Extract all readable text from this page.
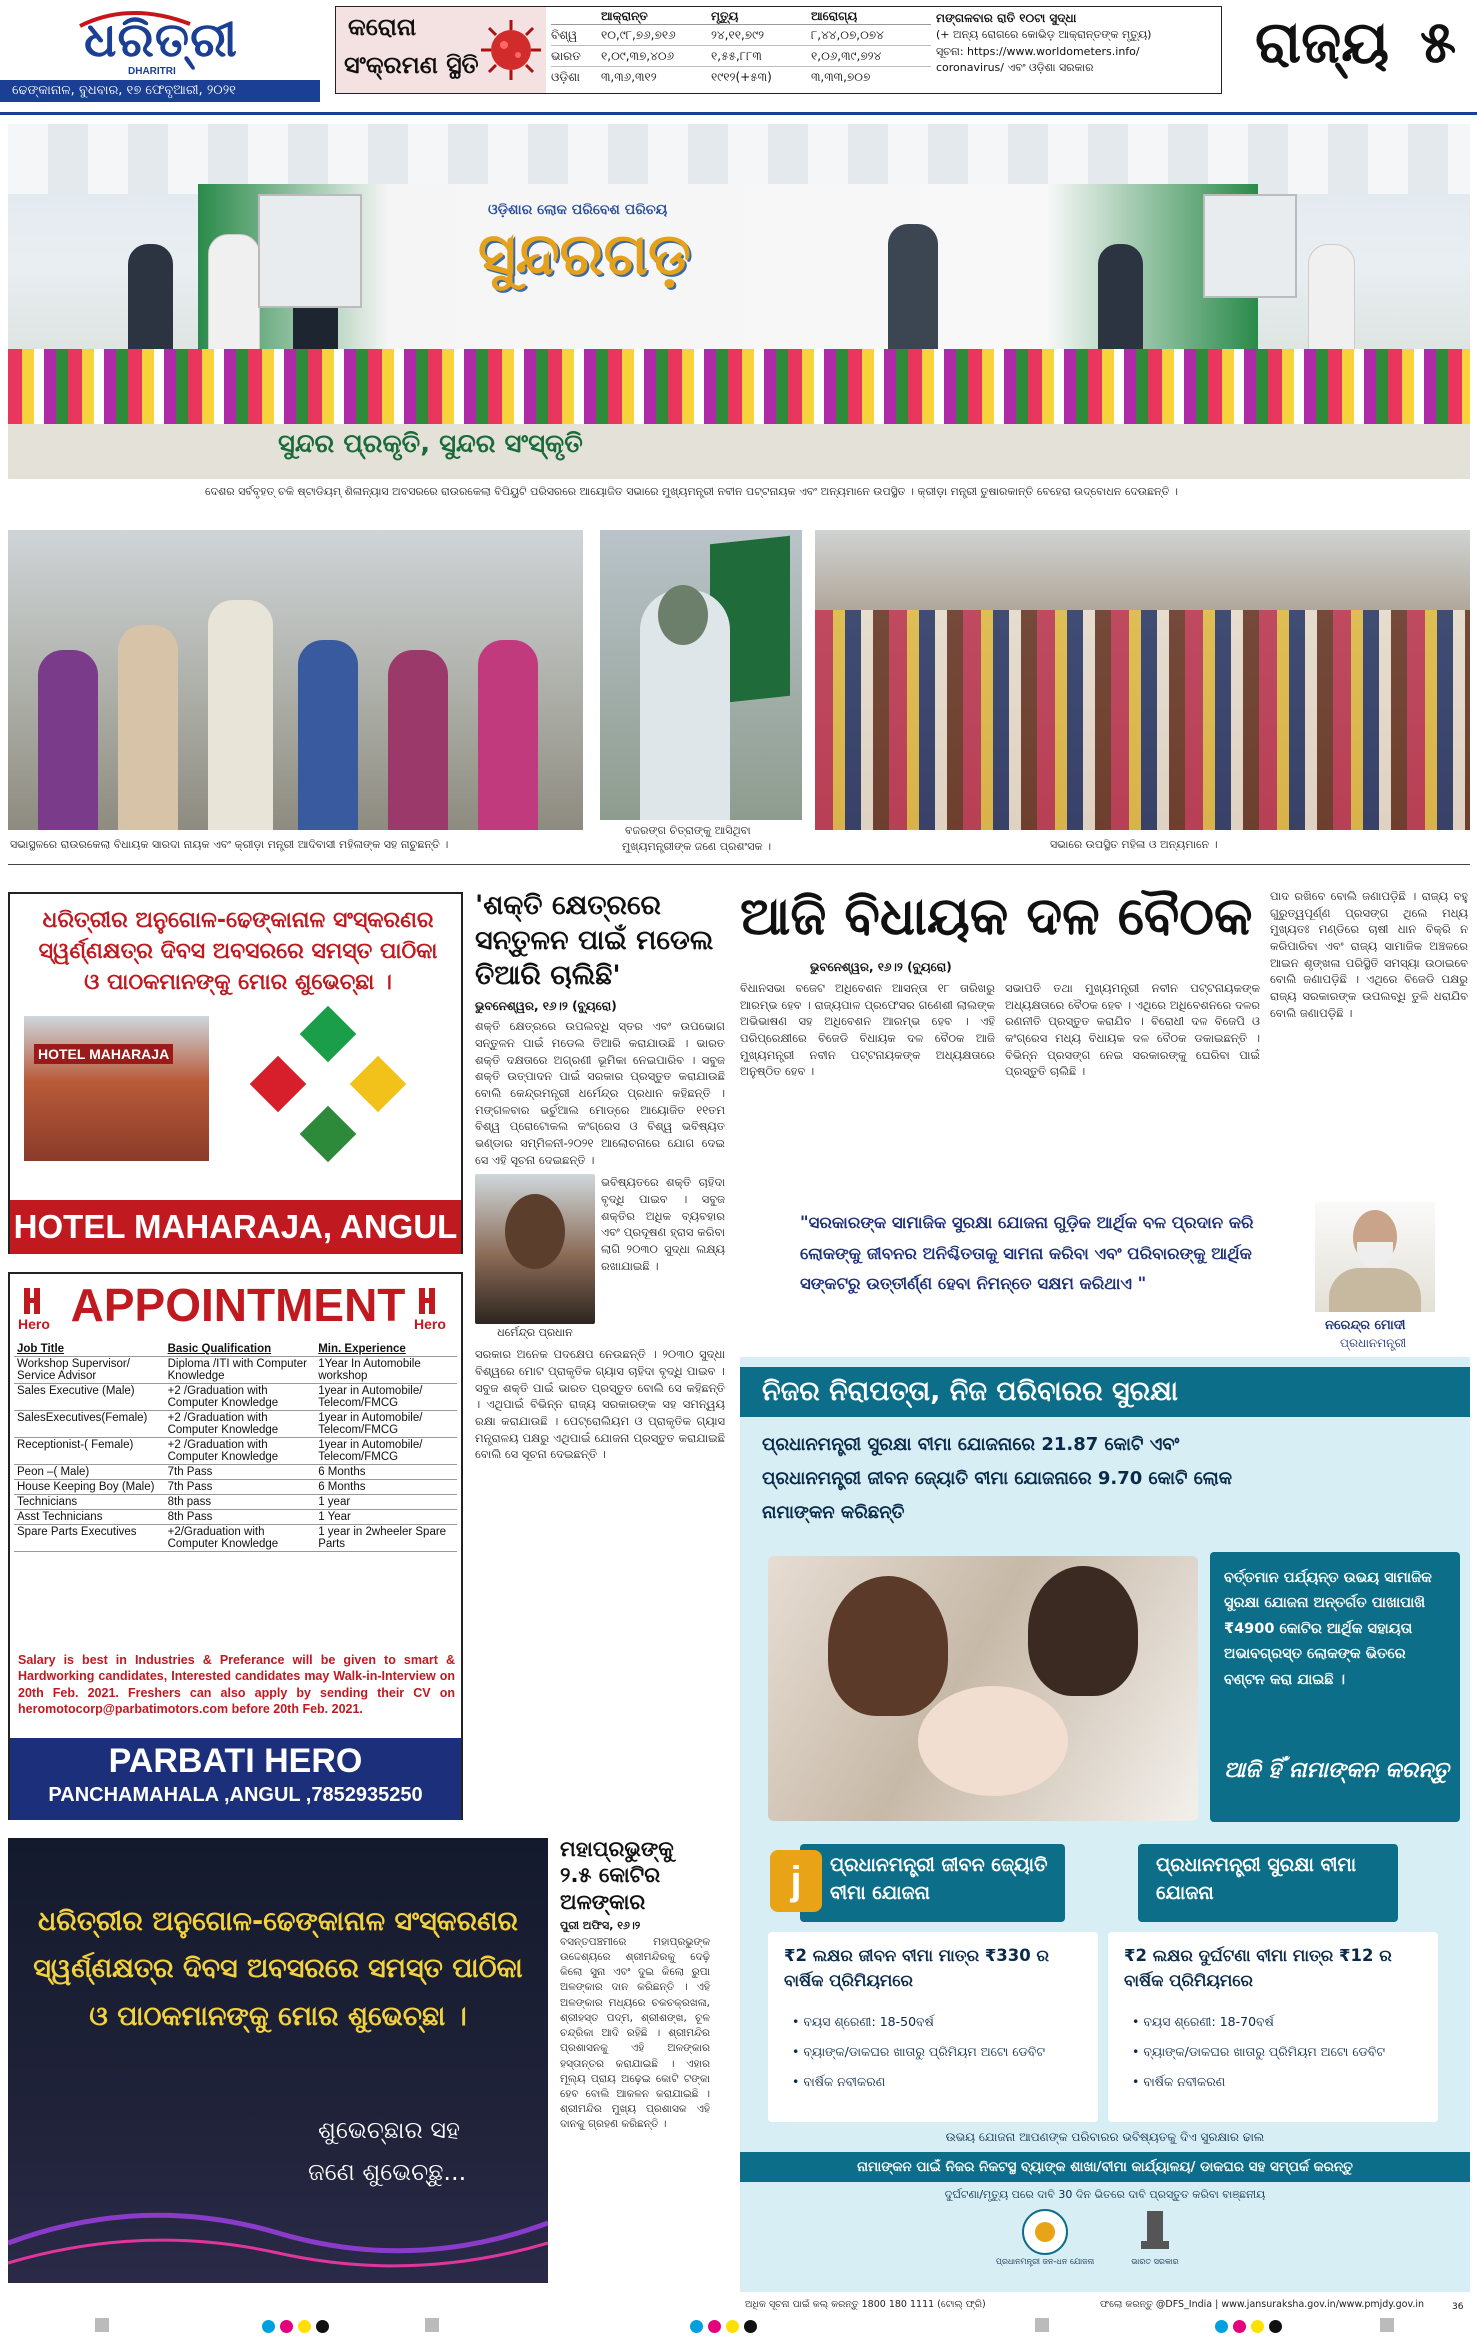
ଧରିତ୍ରୀ
DHARITRI
ଢେଙ୍କାନାଳ, ବୁଧବାର, ୧୭ ଫେବୃଆରୀ, ୨୦୨୧
କରୋନା
ସଂକ୍ରମଣ ସ୍ଥିତି
ଆକ୍ରାନ୍ତ	ମୃତ୍ୟୁ	ଆରୋଗ୍ୟ
ବିଶ୍ୱ	୧୦,୯୮,୭୬,୭୧୬	୨୪,୧୧,୭୯୨	୮,୪୪,୦୭,୦୭୪
ଭାରତ	୧,୦୯,୩୭,୪୦୬	୧,୫୫,୮୮୩	୧,୦୬,୩୯,୭୨୪
ଓଡ଼ିଶା	୩,୩୬,୩୧୨	୧୯୧୨(+୫୩)	୩,୩୩,୭୦୭
ମଙ୍ଗଳବାର ରାତି ୧୦ଟା ସୁଦ୍ଧା
(+ ଅନ୍ୟ ରୋଗରେ କୋଭିଡ଼ ଆକ୍ରାନ୍ତଙ୍କ ମୃତ୍ୟୁ)
ସୂଚନା: https://www.worldometers.info/
coronavirus/ ଏବଂ ଓଡ଼ିଶା ସରକାର	ରାଜ୍ୟ ୫
ଓଡ଼ିଶାର ଲୋକ ପରିବେଶ ପରିଚୟ
ସୁନ୍ଦରଗଡ଼
ସୁନ୍ଦର ପ୍ରକୃତି, ସୁନ୍ଦର ସଂସ୍କୃତି
ଦେଶର ସର୍ବବୃହତ୍ ଚକି ଷ୍ଟାଡିୟମ୍ ଶିଳାନ୍ୟାସ ଅବସରରେ ରାଉରକେଲା ବିପିୟୁଟି ପରିସରରେ ଆୟୋଜିତ ସଭାରେ ମୁଖ୍ୟମନ୍ତ୍ରୀ ନବୀନ ପଟ୍ଟନାୟକ ଏବଂ ଅନ୍ୟମାନେ ଉପସ୍ଥିତ । କ୍ରୀଡ଼ା ମନ୍ତ୍ରୀ ତୁଷାରକାନ୍ତି ବେହେରା ଉଦ୍‌ବୋଧନ ଦେଉଛନ୍ତି ।
ସଭାସ୍ଥଳରେ ରାଉରକେଲା ବିଧାୟକ ସାରଦା ନାୟକ ଏବଂ କ୍ରୀଡ଼ା ମନ୍ତ୍ରୀ ଆଦିବାସୀ ମହିଳାଙ୍କ ସହ ନାଚୁଛନ୍ତି ।
ବଜରଙ୍ଗ ଚିତ୍ରାଙ୍କୁ ଆସିଥିବା
ମୁଖ୍ୟମନ୍ତ୍ରୀଙ୍କ ଜଣେ ପ୍ରଶଂସକ ।	ସଭାରେ ଉପସ୍ଥିତ ମହିଳା ଓ ଅନ୍ୟମାନେ ।
ଧରିତ୍ରୀର ଅନୁଗୋଳ-ଢେଙ୍କାନାଳ ସଂସ୍କରଣର ସ୍ୱର୍ଣ୍ଣକ୍ଷତ୍ର ଦିବସ ଅବସରରେ ସମସ୍ତ ପାଠିକା ଓ ପାଠକମାନଙ୍କୁ ମୋର ଶୁଭେଚ୍ଛା ।
HOTEL MAHARAJA
HOTEL MAHARAJA, ANGUL
Hero APPOINTMENT Hero
Job Title	Basic Qualification	Min. Experience
Workshop Supervisor/ Service Advisor	Diploma /ITI with Computer Knowledge	1Year In Automobile workshop
Sales Executive (Male)	+2 /Graduation with Computer Knowledge	1year in Automobile/ Telecom/FMCG
SalesExecutives(Female)	+2 /Graduation with Computer Knowledge	1year in Automobile/ Telecom/FMCG
Receptionist-( Female)	+2 /Graduation with Computer Knowledge	1year in Automobile/ Telecom/FMCG
Peon –( Male)	7th Pass	6 Months
House Keeping Boy (Male)	7th Pass	6 Months
Technicians	8th pass	1 year
Asst Technicians	8th Pass	1 Year
Spare Parts Executives	+2/Graduation with Computer Knowledge	1 year in 2wheeler Spare Parts
Salary is best in Industries & Preferance will be given to smart & Hardworking candidates, Interested candidates may Walk-in-Interview on 20th Feb. 2021. Freshers can also apply by sending their CV on heromotocorp@parbatimotors.com before 20th Feb. 2021.
PARBATI HERO
PANCHAMAHALA ,ANGUL ,7852935250
ଧରିତ୍ରୀର ଅନୁଗୋଳ-ଢେଙ୍କାନାଳ ସଂସ୍କରଣର ସ୍ୱର୍ଣ୍ଣକ୍ଷତ୍ର ଦିବସ ଅବସରରେ ସମସ୍ତ ପାଠିକା ଓ ପାଠକମାନଙ୍କୁ ମୋର ଶୁଭେଚ୍ଛା ।
ଶୁଭେଚ୍ଛାର ସହ
ଜଣେ ଶୁଭେଚ୍ଛୁ...
'ଶକ୍ତି କ୍ଷେତ୍ରରେ ସନ୍ତୁଳନ ପାଇଁ ମଡେଲ ତିଆରି ଚାଲିଛି'
ଭୁବନେଶ୍ୱର, ୧୬।୨ (ବ୍ୟୁରୋ)
ଶକ୍ତି କ୍ଷେତ୍ରରେ ଉପଲବ୍ଧି ସ୍ତର ଏବଂ ଉପଭୋଗ ସନ୍ତୁଳନ ପାଇଁ ମଡେଲ ତିଆରି କରାଯାଉଛି । ଭାରତ ଶକ୍ତି ଦକ୍ଷତାରେ ଅଗ୍ରଣୀ ଭୂମିକା ନେଇପାରିବ । ସବୁଜ ଶକ୍ତି ଉତ୍ପାଦନ ପାଇଁ ସରକାର ପ୍ରସ୍ତୁତ କରାଯାଉଛି ବୋଲି କେନ୍ଦ୍ରମନ୍ତ୍ରୀ ଧର୍ମେନ୍ଦ୍ର ପ୍ରଧାନ କହିଛନ୍ତି । ମଙ୍ଗଳବାର ଭର୍ଚୁଆଲ ମୋଡ୍‌ରେ ଆୟୋଜିତ ୧୧ତମ ବିଶ୍ୱ ପ୍ରୋଟୋକଲ କଂଗ୍ରେସ ଓ ବିଶ୍ୱ ଭବିଷ୍ୟତ ଭଣ୍ଡାର ସମ୍ମିଳନୀ-୨୦୨୧ ଆଲୋଚନାରେ ଯୋଗ ଦେଇ ସେ ଏହି ସୂଚନା ଦେଇଛନ୍ତି ।
ଧର୍ମେନ୍ଦ୍ର ପ୍ରଧାନ
ଭବିଷ୍ୟତରେ ଶକ୍ତି ଚାହିଦା ବୃଦ୍ଧି ପାଇବ । ସବୁଜ ଶକ୍ତିର ଅଧିକ ବ୍ୟବହାର ଏବଂ ପ୍ରଦୂଷଣ ହ୍ରାସ କରିବା ଲାଗି ୨୦୩୦ ସୁଦ୍ଧା ଲକ୍ଷ୍ୟ ରଖାଯାଇଛି ।
ସରକାର ଅନେକ ପଦକ୍ଷେପ ନେଉଛନ୍ତି । ୨୦୩୦ ସୁଦ୍ଧା ବିଶ୍ୱରେ ମୋଟ ପ୍ରାକୃତିକ ଗ୍ୟାସ ଚାହିଦା ବୃଦ୍ଧି ପାଇବ । ସବୁଜ ଶକ୍ତି ପାଇଁ ଭାରତ ପ୍ରସ୍ତୁତ ବୋଲି ସେ କହିଛନ୍ତି । ଏଥିପାଇଁ ବିଭିନ୍ନ ରାଜ୍ୟ ସରକାରଙ୍କ ସହ ସମନ୍ୱୟ ରକ୍ଷା କରାଯାଉଛି । ପେଟ୍ରୋଲିୟମ ଓ ପ୍ରାକୃତିକ ଗ୍ୟାସ ମନ୍ତ୍ରାଳୟ ପକ୍ଷରୁ ଏଥିପାଇଁ ଯୋଜନା ପ୍ରସ୍ତୁତ କରାଯାଇଛି ବୋଲି ସେ ସୂଚନା ଦେଇଛନ୍ତି ।
ଆଜି ବିଧାୟକ ଦଳ ବୈଠକ
ଭୁବନେଶ୍ୱର, ୧୬।୨ (ବ୍ୟୁରୋ)
ବିଧାନସଭା ବଜେଟ ଅଧିବେଶନ ଆସନ୍ତା ୧୮ ତାରିଖରୁ ଆରମ୍ଭ ହେବ । ରାଜ୍ୟପାଳ ପ୍ରଫେସର ଗଣେଶୀ ଲାଲଙ୍କ ଅଭିଭାଷଣ ସହ ଅଧିବେଶନ ଆରମ୍ଭ ହେବ । ଏହି ପରିପ୍ରେକ୍ଷୀରେ ବିଜେଡି ବିଧାୟକ ଦଳ ବୈଠକ ଆଜି ମୁଖ୍ୟମନ୍ତ୍ରୀ ନବୀନ ପଟ୍ଟନାୟକଙ୍କ ଅଧ୍ୟକ୍ଷତାରେ ଅନୁଷ୍ଠିତ ହେବ ।
ସଭାପତି ତଥା ମୁଖ୍ୟମନ୍ତ୍ରୀ ନବୀନ ପଟ୍ଟନାୟକଙ୍କ ଅଧ୍ୟକ୍ଷତାରେ ବୈଠକ ହେବ । ଏଥିରେ ଅଧିବେଶନରେ ଦଳର ରଣନୀତି ପ୍ରସ୍ତୁତ କରାଯିବ । ବିରୋଧୀ ଦଳ ବିଜେପି ଓ କଂଗ୍ରେସ ମଧ୍ୟ ବିଧାୟକ ଦଳ ବୈଠକ ଡକାଇଛନ୍ତି । ବିଭିନ୍ନ ପ୍ରସଙ୍ଗ ନେଇ ସରକାରଙ୍କୁ ଘେରିବା ପାଇଁ ପ୍ରସ୍ତୁତି ଚାଲିଛି ।
ପାଦ ରଖିବେ ବୋଲି ଜଣାପଡ଼ିଛି । ରାଜ୍ୟ ବହୁ ଗୁରୁତ୍ୱପୂର୍ଣ୍ଣ ପ୍ରସଙ୍ଗ ଥିଲେ ମଧ୍ୟ ମୁଖ୍ୟତଃ ମଣ୍ଡିରେ ଚାଷୀ ଧାନ ବିକ୍ରି ନ କରିପାରିବା ଏବଂ ରାଜ୍ୟ ସାମାଜିକ ଅଞ୍ଚଳରେ ଆଇନ ଶୃଙ୍ଖଳା ପରିସ୍ଥିତି ସମସ୍ୟା ଉଠାଇବେ ବୋଲି ଜଣାପଡ଼ିଛି । ଏଥିରେ ବିଜେଡି ପକ୍ଷରୁ ରାଜ୍ୟ ସରକାରଙ୍କ ଉପଲବ୍ଧି ତୁଳି ଧରାଯିବ ବୋଲି ଜଣାପଡ଼ିଛି ।
ମହାପ୍ରଭୁଙ୍କୁ ୨.୫ କୋଟିର ଅଳଙ୍କାର
ପୁରୀ ଅଫିସ, ୧୬।୨
ବସନ୍ତପଞ୍ଚମୀରେ ମହାପ୍ରଭୁଙ୍କ ଉଦ୍ଦେଶ୍ୟରେ ଶ୍ରୀମନ୍ଦିରକୁ ଦେଢ଼ି କିଲୋ ସୁନା ଏବଂ ଦୁଇ କିଲୋ ରୁପା ଅଳଙ୍କାର ଦାନ କରିଛନ୍ତି । ଏହି ଅଳଙ୍କାର ମଧ୍ୟରେ ଚକଚକ୍ରଖଳା, ଶ୍ରୀହସ୍ତ ପଦ୍ମ, ଶ୍ରୀଶଙ୍ଖ, ଚୂଳ ଚନ୍ଦ୍ରିକା ଆଦି ରହିଛି । ଶ୍ରୀମନ୍ଦିର ପ୍ରଶାସନକୁ ଏହି ଅଳଙ୍କାର ହସ୍ତାନ୍ତର କରାଯାଇଛି । ଏହାର ମୂଲ୍ୟ ପ୍ରାୟ ଅଢ଼େଇ କୋଟି ଟଙ୍କା ହେବ ବୋଲି ଆକଳନ କରାଯାଇଛି । ଶ୍ରୀମନ୍ଦିର ମୁଖ୍ୟ ପ୍ରଶାସକ ଏହି ଦାନକୁ ଗ୍ରହଣ କରିଛନ୍ତି ।
"ସରକାରଙ୍କ ସାମାଜିକ ସୁରକ୍ଷା ଯୋଜନା ଗୁଡ଼ିକ ଆର୍ଥିକ ବଳ ପ୍ରଦାନ କରି ଲୋକଙ୍କୁ ଜୀବନର ଅନିଶ୍ଚିତତାକୁ ସାମନା କରିବା ଏବଂ ପରିବାରଙ୍କୁ ଆର୍ଥିକ ସଙ୍କଟରୁ ଉତ୍ତୀର୍ଣ୍ଣ ହେବା ନିମନ୍ତେ ସକ୍ଷମ କରିଥାଏ "
ନରେନ୍ଦ୍ର ମୋଦୀ
ପ୍ରଧାନମନ୍ତ୍ରୀ
ନିଜର ନିରାପତ୍ତା, ନିଜ ପରିବାରର ସୁରକ୍ଷା
ପ୍ରଧାନମନ୍ତ୍ରୀ ସୁରକ୍ଷା ବୀମା ଯୋଜନାରେ 21.87 କୋଟି ଏବଂ ପ୍ରଧାନମନ୍ତ୍ରୀ ଜୀବନ ଜ୍ୟୋତି ବୀମା ଯୋଜନାରେ 9.70 କୋଟି ଲୋକ ନାମାଙ୍କନ କରିଛନ୍ତି
ବର୍ତ୍ତମାନ ପର୍ଯ୍ୟନ୍ତ ଉଭୟ ସାମାଜିକ ସୁରକ୍ଷା ଯୋଜନା ଅନ୍ତର୍ଗତ ପାଖାପାଖି ₹4900 କୋଟିର ଆର୍ଥିକ ସହାୟତା ଅଭାବଗ୍ରସ୍ତ ଲୋକଙ୍କ ଭିତରେ ବଣ୍ଟନ କରା ଯାଇଛି ।
ଆଜି ହିଁ ନାମାଙ୍କନ କରନ୍ତୁ
j	ପ୍ରଧାନମନ୍ତ୍ରୀ ଜୀବନ ଜ୍ୟୋତି ବୀମା ଯୋଜନା
ପ୍ରଧାନମନ୍ତ୍ରୀ ସୁରକ୍ଷା ବୀମା ଯୋଜନା
₹2 ଲକ୍ଷର ଜୀବନ ବୀମା ମାତ୍ର ₹330 ର ବାର୍ଷିକ ପ୍ରିମିୟମରେ
• ବୟସ ଶ୍ରେଣୀ: 18-50ବର୍ଷ
• ବ୍ୟାଙ୍କ/ଡାକଘର ଖାତାରୁ ପ୍ରିମିୟମ ଅଟୋ ଡେବିଟ
• ବାର୍ଷିକ ନବୀକରଣ
₹2 ଲକ୍ଷର ଦୁର୍ଘଟଣା ବୀମା ମାତ୍ର ₹12 ର ବାର୍ଷିକ ପ୍ରିମିୟମରେ
• ବୟସ ଶ୍ରେଣୀ: 18-70ବର୍ଷ
• ବ୍ୟାଙ୍କ/ଡାକଘର ଖାତାରୁ ପ୍ରିମିୟମ ଅଟୋ ଡେବିଟ
• ବାର୍ଷିକ ନବୀକରଣ
ଉଭୟ ଯୋଜନା ଆପଣଙ୍କ ପରିବାରର ଭବିଷ୍ୟତକୁ ଦିଏ ସୁରକ୍ଷାର ଢାଲ
ନାମାଙ୍କନ ପାଇଁ ନିଜର ନିକଟସ୍ଥ ବ୍ୟାଙ୍କ ଶାଖା/ବୀମା କାର୍ଯ୍ୟାଳୟ/ ଡାକଘର ସହ ସମ୍ପର୍କ କରନ୍ତୁ
ଦୁର୍ଘଟଣା/ମୃତ୍ୟୁ ପରେ ଦାବି 30 ଦିନ ଭିତରେ ଦାବି ପ୍ରସ୍ତୁତ କରିବା ବାଞ୍ଛନୀୟ
ପ୍ରଧାନମନ୍ତ୍ରୀ ଜନ-ଧନ ଯୋଜନା	ଭାରତ ସରକାର
ଅଧିକ ସୂଚନା ପାଇଁ କଲ୍ କରନ୍ତୁ 1800 180 1111 (ଟୋଲ୍ ଫ୍ରି)	ଫଲୋ କରନ୍ତୁ @DFS_India | www.jansuraksha.gov.in/www.pmjdy.gov.in

	36
